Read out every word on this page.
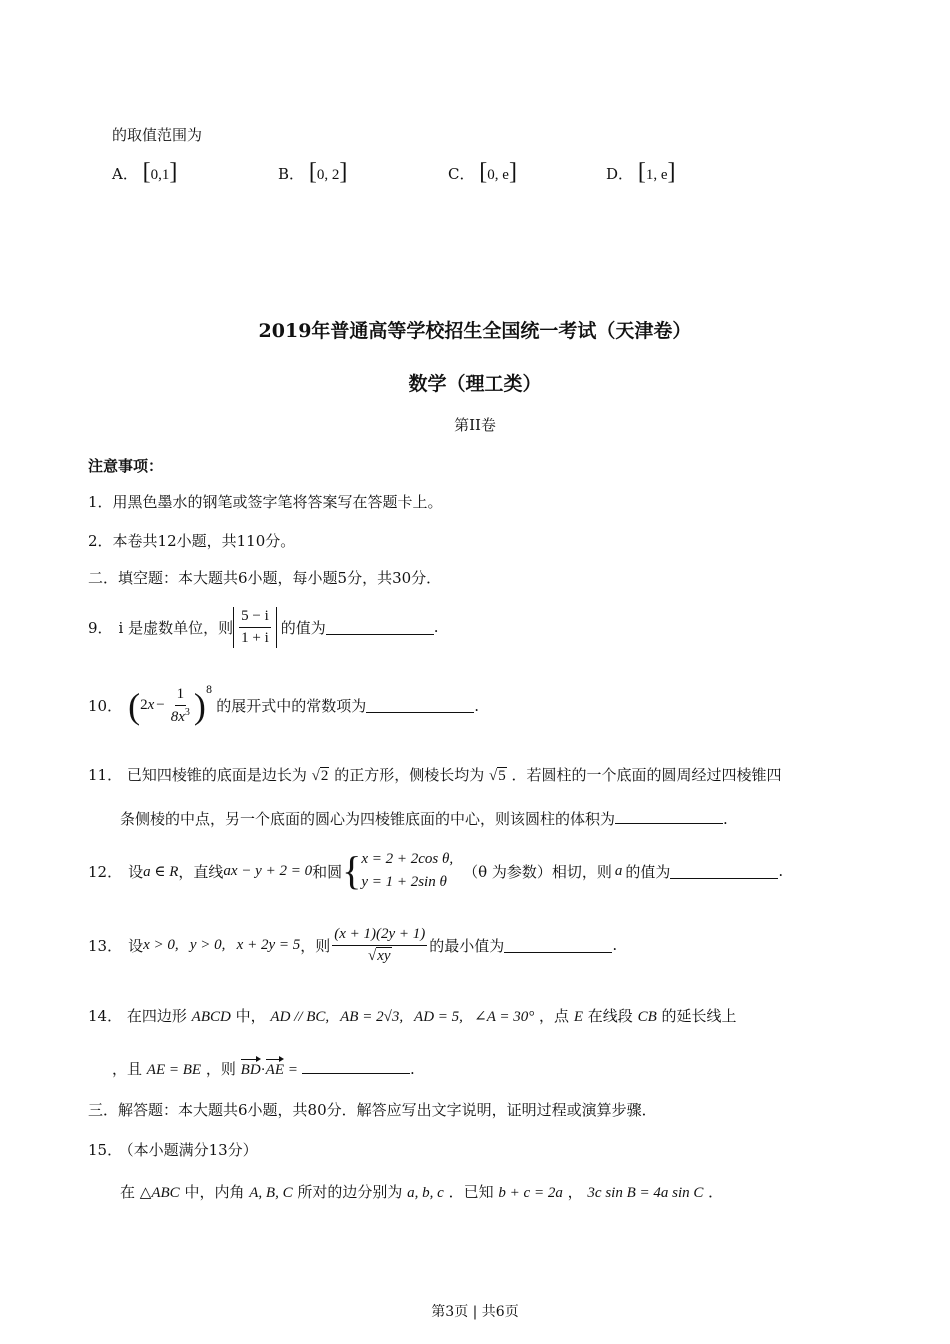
的取值范围为
A． [0,1]	B． [0, 2]	C． [0, e]	D． [1, e]
2019年普通高等学校招生全国统一考试（天津卷）
数学（理工类）
第II卷
注意事项：
1．用黑色墨水的钢笔或签字笔将答案写在答题卡上。
2．本卷共12小题，共110分。
二．填空题：本大题共6小题，每小题5分，共30分．
9． i 是虚数单位，则 $\frac{5 - i}{1 + i}$ 的值为	.
10． ( 2 $x - \frac{1}{8x^3} )^8$
的展开式中的常数项为	.
11． 已知四棱锥的底面是边长为 √2 的正方形，侧棱长均为 √5 ．若圆柱的一个底面的圆周经过四棱锥四
条侧棱的中点，另一个底面的圆心为四棱锥底面的中心，则该圆柱的体积为	.
12． 设 a ∈ R ，直线 ax − y + 2 = 0 和圆 { x = 2 + 2cos θ,
y = 1 + 2sin θ
（θ 为参数）相切，则 a 的值为	.
13． 设 x > 0,   y > 0,   x + 2y = 5 ，则 $\frac{(x + 1)(2y + 1)}{√xy}$ 的最小值为	.
14． 在四边形 ABCD 中， AD // BC,   AB = 2√3,   AD = 5,   ∠A = 30° ，点 E 在线段 CB 的延长线上
，且 AE = BE ，则 BD·AE =	.
三．解答题：本大题共6小题，共80分．解答应写出文字说明，证明过程或演算步骤．
15． （本小题满分13分）
在 △ABC 中，内角 A, B, C 所对的边分别为 a, b, c ．已知 b + c = 2a ， 3c sin B = 4a sin C ．
第3页 | 共6页
